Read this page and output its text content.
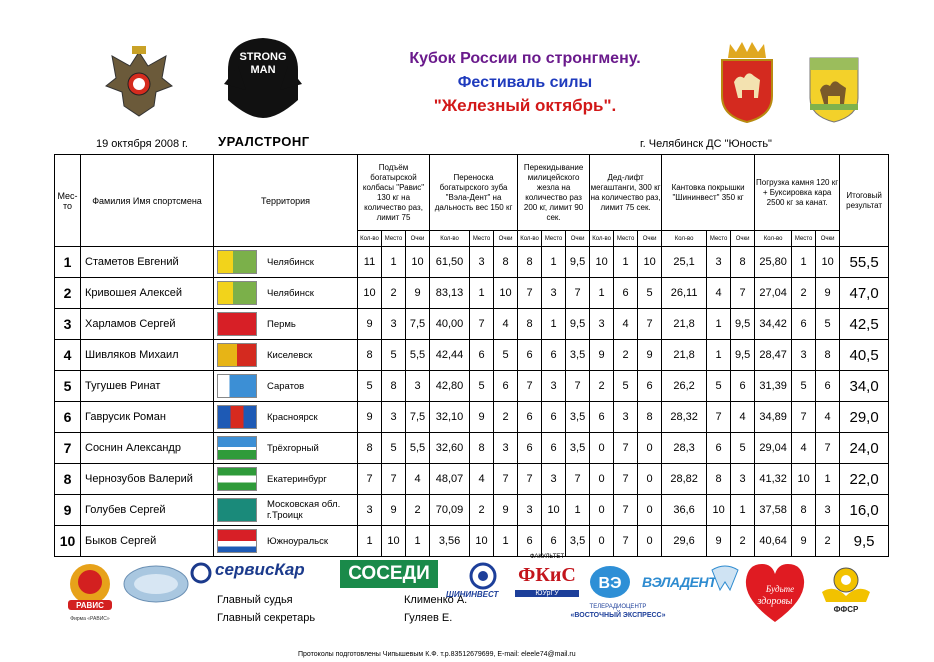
STRONG
MAN
УРАЛСТРОНГ
19 октября 2008 г.
Кубок России по стронгмену.
Фестиваль силы
"Железный октябрь".
г. Челябинск ДС "Юность"
Мес-то	Фамилия Имя спортсмена	Территория	Подъём богатырской колбасы "Равис" 130 кг на количество раз, лимит 75			Переноска богатырского зуба "Вэла-Дент" на дальность вес 150 кг			Перекидывание милицейского жезла на количество раз 200 кг, лимит 90 сек.			Дед-лифт мегаштанги, 300 кг на количество раз, лимит 75 сек.			Кантовка покрышки "Шининвест" 350 кг			Погрузка камня 120 кг + Буксировка кара 2500 кг за канат.			Итоговый результат
			Кол-во	Место	Очки	Кол-во	Место	Очки	Кол-во	Место	Очки	Кол-во	Место	Очки	Кол-во	Место	Очки	Кол-во	Место	Очки	
1	Стаметов Евгений	Челябинск	11	1	10	61,50	3	8	8	1	9,5	10	1	10	25,1	3	8	25,80	1	10	55,5
2	Кривошея Алексей	Челябинск	10	2	9	83,13	1	10	7	3	7	1	6	5	26,11	4	7	27,04	2	9	47,0
3	Харламов Сергей	Пермь	9	3	7,5	40,00	7	4	8	1	9,5	3	4	7	21,8	1	9,5	34,42	6	5	42,5
4	Шивляков Михаил	Киселевск	8	5	5,5	42,44	6	5	6	6	3,5	9	2	9	21,8	1	9,5	28,47	3	8	40,5
5	Тугушев Ринат	Саратов	5	8	3	42,80	5	6	7	3	7	2	5	6	26,2	5	6	31,39	5	6	34,0
6	Гаврусик Роман	Красноярск	9	3	7,5	32,10	9	2	6	6	3,5	6	3	8	28,32	7	4	34,89	7	4	29,0
7	Соснин Александр	Трёхгорный	8	5	5,5	32,60	8	3	6	6	3,5	0	7	0	28,3	6	5	29,04	4	7	24,0
8	Чернозубов Валерий	Екатеринбург	7	7	4	48,07	4	7	7	3	7	0	7	0	28,82	8	3	41,32	10	1	22,0
9	Голубев Сергей	Московская обл. г.Троицк	3	9	2	70,09	2	9	3	10	1	0	7	0	36,6	10	1	37,58	8	3	16,0
10	Быков Сергей	Южноуральск	1	10	1	3,56	10	1	6	6	3,5	0	7	0	29,6	9	2	40,64	9	2	9,5
РАВИС
Фирма «РАВИС»
сервисКар	СОСЕДИ
ШИНИНВЕСТ
ФАКУЛЬТЕТ
ФКиС
ЮУрГУ
ВЭ
ТЕЛЕРАДИОЦЕНТР
«ВОСТОЧНЫЙ ЭКСПРЕСС»
ВЭЛАДЕНТ	Будьте
здоровы
ФФСР
Главный судья	Клименко А.
Главный секретарь	Гуляев Е.
Протоколы подготовлены Чипышевым К.Ф. т.р.83512679699, E-mail: eleele74@mail.ru
